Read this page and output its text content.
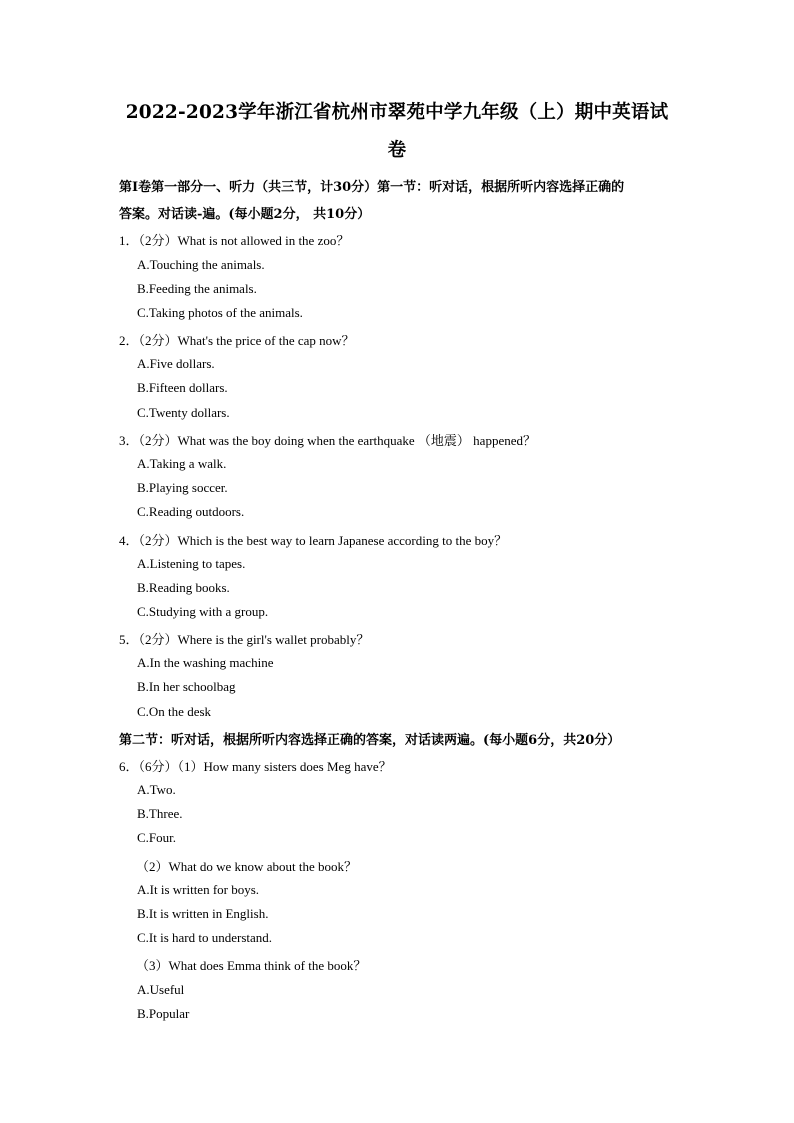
2022-2023学年浙江省杭州市翠苑中学九年级（上）期中英语试
卷
第I卷第一部分一、听力（共三节，计30分）第一节：听对话，根据所听内容选择正确的
答案。对话读-遍。(每小题2分， 共10分）
1．（2分）What is not allowed in the zoo？
A.Touching the animals.
B.Feeding the animals.
C.Taking photos of the animals.
2．（2分）What's the price of the cap now？
A.Five dollars.
B.Fifteen dollars.
C.Twenty dollars.
3．（2分）What was the boy doing when the earthquake （地震） happened？
A.Taking a walk.
B.Playing soccer.
C.Reading outdoors.
4．（2分）Which is the best way to learn Japanese according to the boy？
A.Listening to tapes.
B.Reading books.
C.Studying with a group.
5．（2分）Where is the girl's wallet probably？
A.In the washing machine
B.In her schoolbag
C.On the desk
第二节：听对话，根据所听内容选择正确的答案，对话读两遍。(每小题6分，共20分）
6．（6分）（1）How many sisters does Meg have？
A.Two.
B.Three.
C.Four.
（2）What do we know about the book？
A.It is written for boys.
B.It is written in English.
C.It is hard to understand.
（3）What does Emma think of the book？
A.Useful
B.Popular
